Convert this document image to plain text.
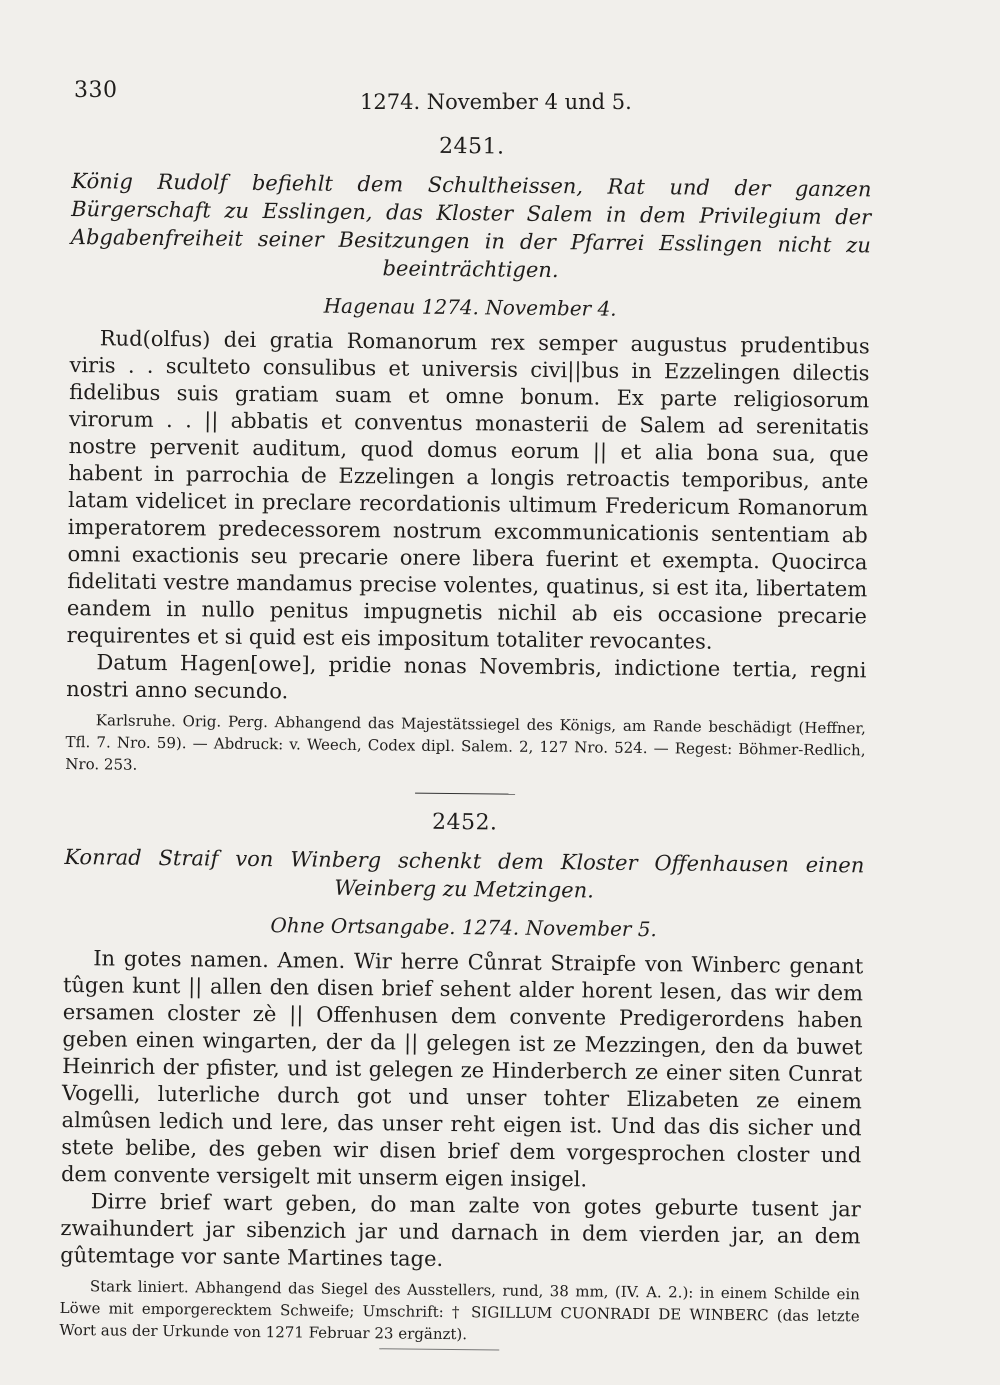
330	1274. November 4 und 5.
2451.

König Rudolf befiehlt dem Schultheissen, Rat und der ganzen Bürgerschaft zu Esslingen, das Kloster Salem in dem Privilegium der Abgabenfreiheit seiner Besitzungen in der Pfarrei Esslingen nicht zu beeinträchtigen.

Hagenau 1274. November 4.

Rud(olfus) dei gratia Romanorum rex semper augustus prudentibus viris . . sculteto consulibus et universis civi||bus in Ezzelingen dilectis fidelibus suis gratiam suam et omne bonum. Ex parte religiosorum virorum . . || abbatis et conventus monasterii de Salem ad serenitatis nostre pervenit auditum, quod domus eorum || et alia bona sua, que habent in parrochia de Ezzelingen a longis retroactis temporibus, ante latam videlicet in preclare recordationis ultimum Fredericum Romanorum imperatorem predecessorem nostrum excommunicationis sententiam ab omni exactionis seu precarie onere libera fuerint et exempta. Quocirca fidelitati vestre mandamus precise volentes, quatinus, si est ita, libertatem eandem in nullo penitus impugnetis nichil ab eis occasione precarie requirentes et si quid est eis impositum totaliter revocantes.

Datum Hagen[owe], pridie nonas Novembris, indictione tertia, regni nostri anno secundo.

Karlsruhe. Orig. Perg. Abhangend das Majestätssiegel des Königs, am Rande beschädigt (Heffner, Tfl. 7. Nro. 59). — Abdruck: v. Weech, Codex dipl. Salem. 2, 127 Nro. 524. — Regest: Böhmer-Redlich, Nro. 253.

2452.

Konrad Straif von Winberg schenkt dem Kloster Offenhausen einen Weinberg zu Metzingen.

Ohne Ortsangabe. 1274. November 5.

In gotes namen. Amen. Wir herre Cůnrat Straipfe von Winberc genant tûgen kunt || allen den disen brief sehent alder horent lesen, das wir dem ersamen closter zè || Offenhusen dem convente Predigerordens haben geben einen wingarten, der da || gelegen ist ze Mezzingen, den da buwet Heinrich der pfister, und ist gelegen ze Hinderberch ze einer siten Cunrat Vogelli, luterliche durch got und unser tohter Elizabeten ze einem almûsen ledich und lere, das unser reht eigen ist. Und das dis sicher und stete belibe, des geben wir disen brief dem vorgesprochen closter und dem convente versigelt mit unserm eigen insigel.

Dirre brief wart geben, do man zalte von gotes geburte tusent jar zwaihundert jar sibenzich jar und darnach in dem vierden jar, an dem gûtemtage vor sante Martines tage.

Stark liniert. Abhangend das Siegel des Ausstellers, rund, 38 mm, (IV. A. 2.): in einem Schilde ein Löwe mit emporgerecktem Schweife; Umschrift: † SIGILLUM CUONRADI DE WINBERC (das letzte Wort aus der Urkunde von 1271 Februar 23 ergänzt).
